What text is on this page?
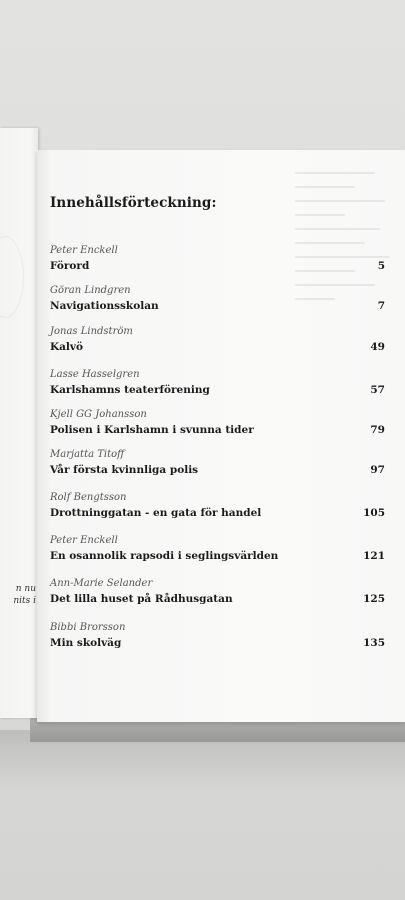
n nu
nits i
Innehållsförteckning:
Peter Enckell
Förord	5
Göran Lindgren
Navigationsskolan	7
Jonas Lindström
Kalvö	49
Lasse Hasselgren
Karlshamns teaterförening	57
Kjell GG Johansson
Polisen i Karlshamn i svunna tider	79
Marjatta Titoff
Vår första kvinnliga polis	97
Rolf Bengtsson
Drottninggatan - en gata för handel	105
Peter Enckell
En osannolik rapsodi i seglingsvärlden	121
Ann-Marie Selander
Det lilla huset på Rådhusgatan	125
Bibbi Brorsson
Min skolväg	135
